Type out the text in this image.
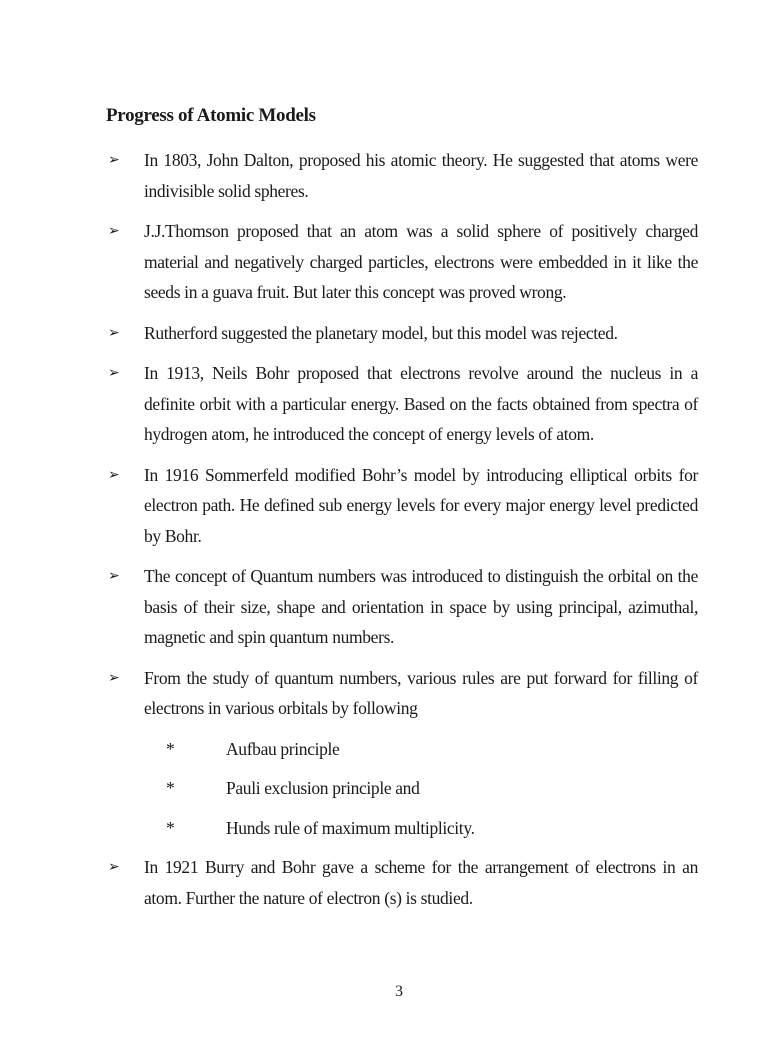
Progress of Atomic Models
➢ In 1803, John Dalton, proposed his atomic theory. He suggested that atoms were indivisible solid spheres.
➢ J.J.Thomson proposed that an atom was a solid sphere of positively charged material and negatively charged particles, electrons were embedded in it like the seeds in a guava fruit. But later this concept was proved wrong.
➢ Rutherford suggested the planetary model, but this model was rejected.
➢ In 1913, Neils Bohr proposed that electrons revolve around the nucleus in a definite orbit with a particular energy. Based on the facts obtained from spectra of hydrogen atom, he introduced the concept of energy levels of atom.
➢ In 1916 Sommerfeld modified Bohr’s model by introducing elliptical orbits for electron path. He defined sub energy levels for every major energy level predicted by Bohr.
➢ The concept of Quantum numbers was introduced to distinguish the orbital on the basis of their size, shape and orientation in space by using principal, azimuthal, magnetic and spin quantum numbers.
➢ From the study of quantum numbers, various rules are put forward for filling of electrons in various orbitals by following
*	Aufbau principle
*	Pauli exclusion principle and
*	Hunds rule of maximum multiplicity.
➢ In 1921 Burry and Bohr gave a scheme for the arrangement of electrons in an atom. Further the nature of electron (s) is studied.
3
